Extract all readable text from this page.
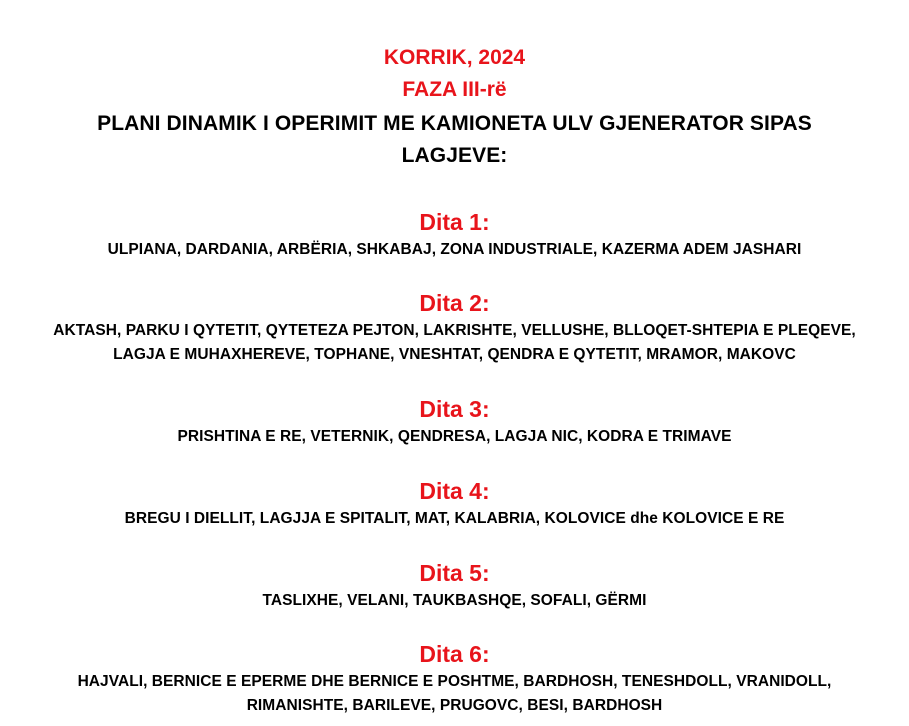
KORRIK, 2024

FAZA III-rë

PLANI DINAMIK I OPERIMIT ME KAMIONETA ULV GJENERATOR SIPAS

LAGJEVE:

Dita 1:

ULPIANA, DARDANIA, ARBËRIA, SHKABAJ, ZONA INDUSTRIALE, KAZERMA ADEM JASHARI

Dita 2:

AKTASH, PARKU I QYTETIT, QYTETEZA PEJTON, LAKRISHTE, VELLUSHE, BLLOQET-SHTEPIA E PLEQEVE,

LAGJA E MUHAXHEREVE, TOPHANE, VNESHTAT, QENDRA E QYTETIT, MRAMOR, MAKOVC

Dita 3:

PRISHTINA E RE, VETERNIK, QENDRESA, LAGJA NIC, KODRA E TRIMAVE

Dita 4:

BREGU I DIELLIT, LAGJJA E SPITALIT, MAT, KALABRIA, KOLOVICE dhe KOLOVICE E RE

Dita 5:

TASLIXHE, VELANI, TAUKBASHQE, SOFALI, GËRMI

Dita 6:

HAJVALI, BERNICE E EPERME DHE BERNICE E POSHTME, BARDHOSH, TENESHDOLL, VRANIDOLL,

RIMANISHTE, BARILEVE, PRUGOVC, BESI, BARDHOSH
